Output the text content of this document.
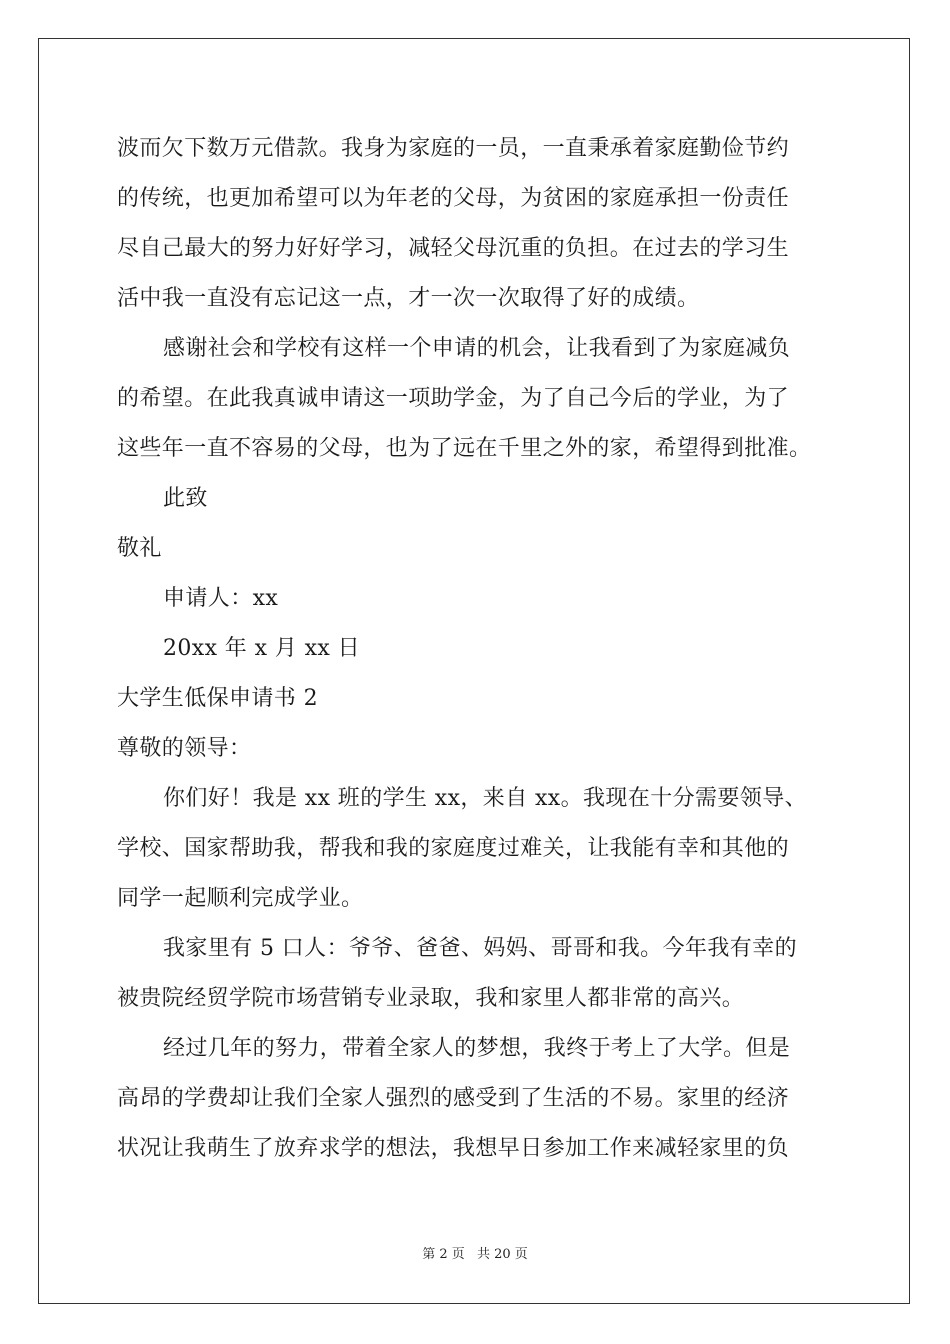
波而欠下数万元借款。我身为家庭的一员，一直秉承着家庭勤俭节约
的传统，也更加希望可以为年老的父母，为贫困的家庭承担一份责任
尽自己最大的努力好好学习，减轻父母沉重的负担。在过去的学习生
活中我一直没有忘记这一点，才一次一次取得了好的成绩。
感谢社会和学校有这样一个申请的机会，让我看到了为家庭减负
的希望。在此我真诚申请这一项助学金，为了自己今后的学业，为了
这些年一直不容易的父母，也为了远在千里之外的家，希望得到批准。
此致
敬礼
申请人：xx
20xx 年 x 月 xx 日
大学生低保申请书 2
尊敬的领导：
你们好！我是 xx 班的学生 xx，来自 xx。我现在十分需要领导、
学校、国家帮助我，帮我和我的家庭度过难关，让我能有幸和其他的
同学一起顺利完成学业。
我家里有 5 口人：爷爷、爸爸、妈妈、哥哥和我。今年我有幸的
被贵院经贸学院市场营销专业录取，我和家里人都非常的高兴。
经过几年的努力，带着全家人的梦想，我终于考上了大学。但是
高昂的学费却让我们全家人强烈的感受到了生活的不易。家里的经济
状况让我萌生了放弃求学的想法，我想早日参加工作来减轻家里的负
第 2 页 共 20 页
